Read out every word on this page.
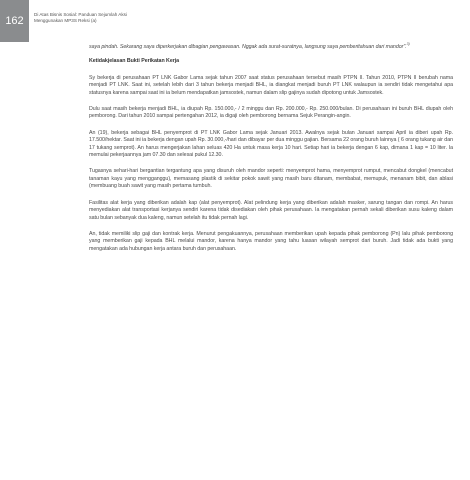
162
Di Atas Bisnis Sosial: Panduan Sejumlah Aksi
Menggunakan MP3S Reksi (a)

saya pindah. Sekarang saya diperkerjakan dibagian pengawasan. Nggak ada surat-suratnya, langsung saya pemberitahuan dari mandor".$^{3)}$

Ketidakjelasan Bukti Perikatan Kerja

Sy bekerja di perusahaan PT LNK Gabor Lama sejak tahun 2007 saat status perusahaan tersebut masih PTPN II. Tahun 2010, PTPN II berubah nama menjadi PT LNK. Saat ini, setelah lebih dari 3 tahun bekerja menjadi BHL, ia diangkat menjadi buruh PT LNK walaupun ia sendiri tidak mengetahui apa statusnya karena sampai saat ini ia belum mendapatkan jamsostek, namun dalam slip gajinya sudah dipotong untuk Jamsostek.

Dulu saat masih bekerja menjadi BHL, ia diupah Rp. 150.000,- / 2 minggu dan Rp. 200.000,- Rp. 250.000/bulan. Di perusahaan ini buruh BHL diupah oleh pemborong. Dari tahun 2010 sampai pertengahan 2012, ia digaji oleh pemborong bernama Sejuk Perangin-angin.

An (19), bekerja sebagai BHL penyemprot di PT LNK Gabor Lama sejak Januari 2013. Awalnya sejak bulan Januari sampai April ia diberi upah Rp. 17.500/hektar. Saat ini ia bekerja dengan upah Rp. 30.000,-/hari dan dibayar per dua minggu gajian. Bersama 22 orang buruh lainnya ( 6 orang tukang air dan 17 tukang semprot). An harus mengerjakan lahan seluas 420 Ha untuk masa kerja 10 hari. Setiap hari ia bekerja dengan 6 kap, dimana 1 kap = 10 liter. Ia memulai pekerjaannya jam 07.30 dan selesai pukul 12.30.

Tugasnya sehari-hari bergantian tergantung apa yang disuruh oleh mandor seperti: menyemprot hama, menyemprot rumput, mencabut dongkel (mencabut tanaman kayu yang mengganggu), memasang plastik di sekitar pokok sawit yang masih baru ditanam, membabat, memupuk, menanam bibit, dan ablasi (membuang buah sawit yang masih pertama tumbuh.

Fasilitas alat kerja yang diberikan adalah kap (alat penyemprot). Alat pelindung kerja yang diberikan adalah masker, sarung tangan dan rompi. An harus menyediakan alat transportasi kerjanya sendiri karena tidak disediakan oleh pihak perusahaan. Ia mengatakan pernah sekali diberikan susu kaleng dalam satu bulan sebanyak dua kaleng, namun setelah itu tidak pernah lagi.

An, tidak memiliki slip gaji dan kontrak kerja. Menurut pengakuannya, perusahaan memberikan upah kepada pihak pemborong (Pn) lalu pihak pemborong yang memberikan gaji kepada BHL melalui mandor, karena hanya mandor yang tahu luasan wilayah semprot dari buruh. Jadi tidak ada bukti yang mengatakan ada hubungan kerja antara buruh dan perusahaan.
